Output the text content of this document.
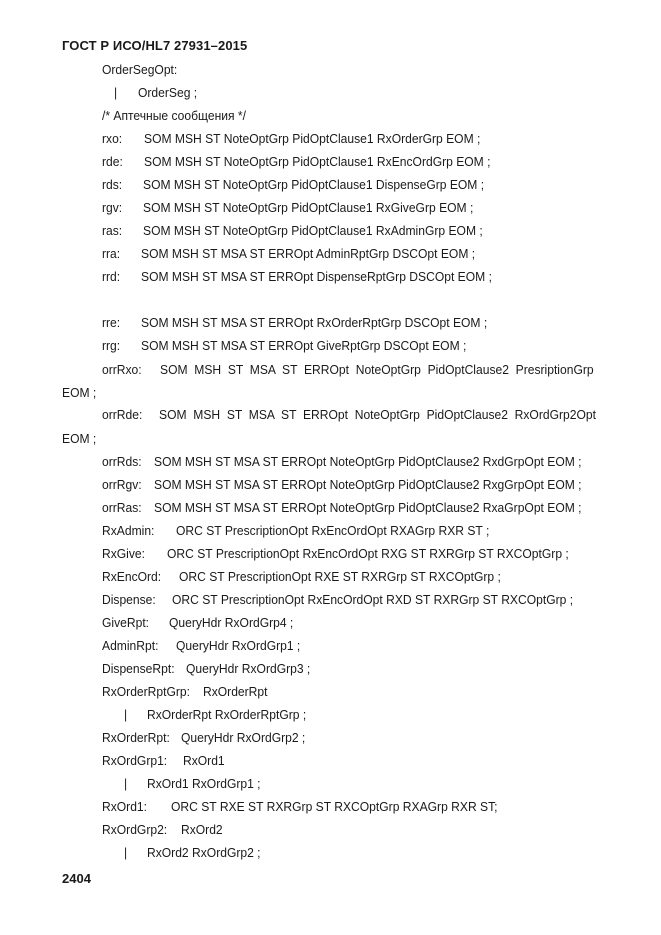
ГОСТ Р ИСО/HL7 27931–2015
OrderSegOpt:
| OrderSeg ;
/* Аптечные сообщения */
rxo: SOM MSH ST NoteOptGrp PidOptClause1 RxOrderGrp EOM ;
rde: SOM MSH ST NoteOptGrp PidOptClause1 RxEncOrdGrp EOM ;
rds: SOM MSH ST NoteOptGrp PidOptClause1 DispenseGrp EOM ;
rgv: SOM MSH ST NoteOptGrp PidOptClause1 RxGiveGrp EOM ;
ras: SOM MSH ST NoteOptGrp PidOptClause1 RxAdminGrp EOM ;
rra: SOM MSH ST MSA ST ERROpt AdminRptGrp DSCOpt EOM ;
rrd: SOM MSH ST MSA ST ERROpt DispenseRptGrp DSCOpt EOM ;
rre: SOM MSH ST MSA ST ERROpt RxOrderRptGrp DSCOpt EOM ;
rrg: SOM MSH ST MSA ST ERROpt GiveRptGrp DSCOpt EOM ;
orrRxo: SOM  MSH  ST  MSA  ST  ERROpt  NoteOptGrp  PidOptClause2  PresriptionGrp
EOM ;
orrRde: SOM  MSH  ST  MSA  ST  ERROpt  NoteOptGrp  PidOptClause2  RxOrdGrp2Opt
EOM ;
orrRds: SOM MSH ST MSA ST ERROpt NoteOptGrp PidOptClause2 RxdGrpOpt EOM ;
orrRgv: SOM MSH ST MSA ST ERROpt NoteOptGrp PidOptClause2 RxgGrpOpt EOM ;
orrRas: SOM MSH ST MSA ST ERROpt NoteOptGrp PidOptClause2 RxaGrpOpt EOM ;
RxAdmin: ORC ST PrescriptionOpt RxEncOrdOpt RXAGrp RXR ST ;
RxGive: ORC ST PrescriptionOpt RxEncOrdOpt RXG ST RXRGrp ST RXCOptGrp ;
RxEncOrd: ORC ST PrescriptionOpt RXE ST RXRGrp ST RXCOptGrp ;
Dispense: ORC ST PrescriptionOpt RxEncOrdOpt RXD ST RXRGrp ST RXCOptGrp ;
GiveRpt: QueryHdr RxOrdGrp4 ;
AdminRpt: QueryHdr RxOrdGrp1 ;
DispenseRpt: QueryHdr RxOrdGrp3 ;
RxOrderRptGrp: RxOrderRpt
| RxOrderRpt RxOrderRptGrp ;
RxOrderRpt: QueryHdr RxOrdGrp2 ;
RxOrdGrp1: RxOrd1
| RxOrd1 RxOrdGrp1 ;
RxOrd1: ORC ST RXE ST RXRGrp ST RXCOptGrp RXAGrp RXR ST;
RxOrdGrp2: RxOrd2
| RxOrd2 RxOrdGrp2 ;
2404
